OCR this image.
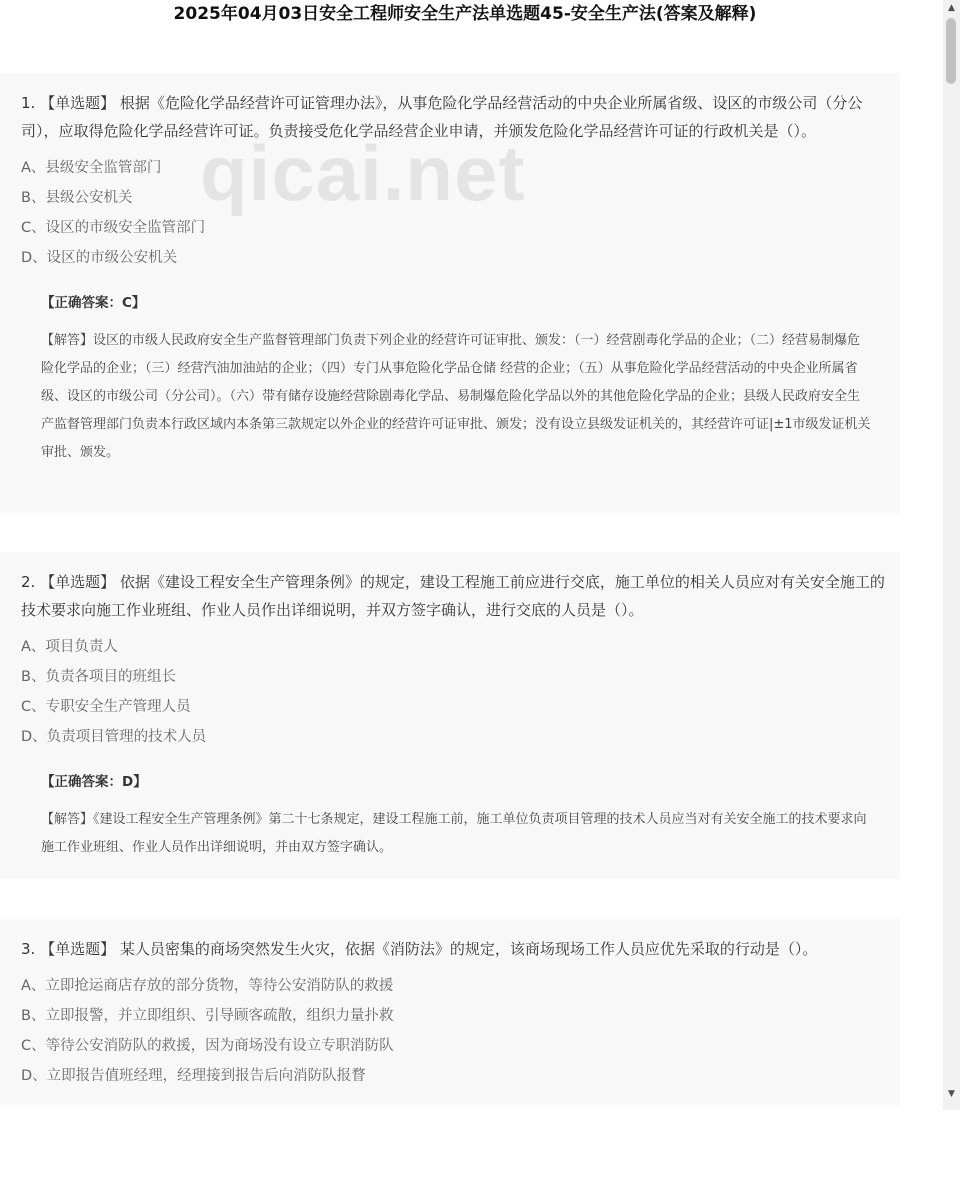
2025年04月03日安全工程师安全生产法单选题45-安全生产法(答案及解释)
qicai.net

1. 【单选题】 根据《危险化学品经营许可证管理办法》，从事危险化学品经营活动的中央企业所属省级、设区的市级公司（分公司），应取得危险化学品经营许可证。负责接受危化学品经营企业申请，并颁发危险化学品经营许可证的行政机关是（）。

A、县级安全监管部门
B、县级公安机关
C、设区的市级安全监管部门
D、设区的市级公安机关
【正确答案：C】
【解答】设区的市级人民政府安全生产监督管理部门负责下列企业的经营许可证审批、颁发：（一）经营剧毒化学品的企业；（二）经营易制爆危险化学品的企业；（三）经营汽油加油站的企业；（四）专门从事危险化学品仓储 经营的企业；（五）从事危险化学品经营活动的中央企业所属省级、设区的市级公司（分公司）。（六）带有储存设施经营除剧毒化学品、易制爆危险化学品以外的其他危险化学品的企业；县级人民政府安全生产监督管理部门负责本行政区域内本条第三款规定以外企业的经营许可证审批、颁发；没有设立县级发证机关的，其经营许可证|±1市级发证机关审批、颁发。

2. 【单选题】 依据《建设工程安全生产管理条例》的规定，建设工程施工前应进行交底，施工单位的相关人员应对有关安全施工的技术要求向施工作业班组、作业人员作出详细说明，并双方签字确认，进行交底的人员是（）。

A、项目负责人
B、负责各项目的班组长
C、专职安全生产管理人员
D、负责项目管理的技术人员
【正确答案：D】
【解答】《建设工程安全生产管理条例》第二十七条规定，建设工程施工前，施工单位负责项目管理的技术人员应当对有关安全施工的技术要求向施工作业班组、作业人员作出详细说明，并由双方签字确认。

3. 【单选题】 某人员密集的商场突然发生火灾，依据《消防法》的规定，该商场现场工作人员应优先采取的行动是（）。

A、立即抢运商店存放的部分货物，等待公安消防队的救援
B、立即报警，并立即组织、引导顾客疏散，组织力量扑救
C、等待公安消防队的救援，因为商场没有设立专职消防队
D、立即报告值班经理，经理接到报告后向消防队报瞀
▲
▼
